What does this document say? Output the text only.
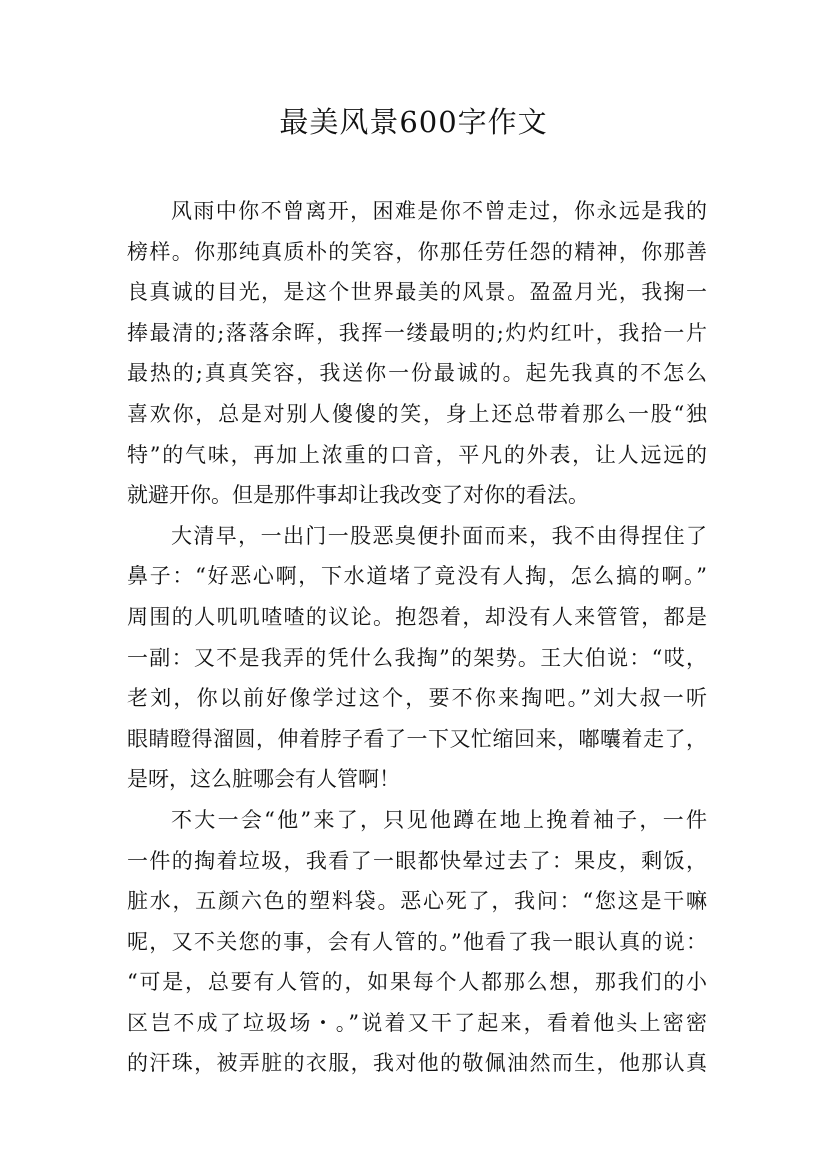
最美风景600字作文
风雨中你不曾离开，困难是你不曾走过，你永远是我的
榜样。你那纯真质朴的笑容，你那任劳任怨的精神，你那善
良真诚的目光，是这个世界最美的风景。盈盈月光，我掬一
捧最清的;落落余晖，我挥一缕最明的;灼灼红叶，我拾一片
最热的;真真笑容，我送你一份最诚的。起先我真的不怎么
喜欢你，总是对别人傻傻的笑，身上还总带着那么一股“独
特”的气味，再加上浓重的口音，平凡的外表，让人远远的
就避开你。但是那件事却让我改变了对你的看法。
大清早，一出门一股恶臭便扑面而来，我不由得捏住了
鼻子：“好恶心啊，下水道堵了竟没有人掏，怎么搞的啊。”
周围的人叽叽喳喳的议论。抱怨着，却没有人来管管，都是
一副：又不是我弄的凭什么我掏”的架势。王大伯说：“哎，
老刘，你以前好像学过这个，要不你来掏吧。”刘大叔一听
眼睛瞪得溜圆，伸着脖子看了一下又忙缩回来，嘟囔着走了，
是呀，这么脏哪会有人管啊！
不大一会“他”来了，只见他蹲在地上挽着袖子，一件
一件的掏着垃圾，我看了一眼都快晕过去了：果皮，剩饭，
脏水，五颜六色的塑料袋。恶心死了，我问：“您这是干嘛
呢，又不关您的事，会有人管的。”他看了我一眼认真的说：
“可是，总要有人管的，如果每个人都那么想，那我们的小
区岂不成了垃圾场・。”说着又干了起来，看着他头上密密
的汗珠，被弄脏的衣服，我对他的敬佩油然而生，他那认真
